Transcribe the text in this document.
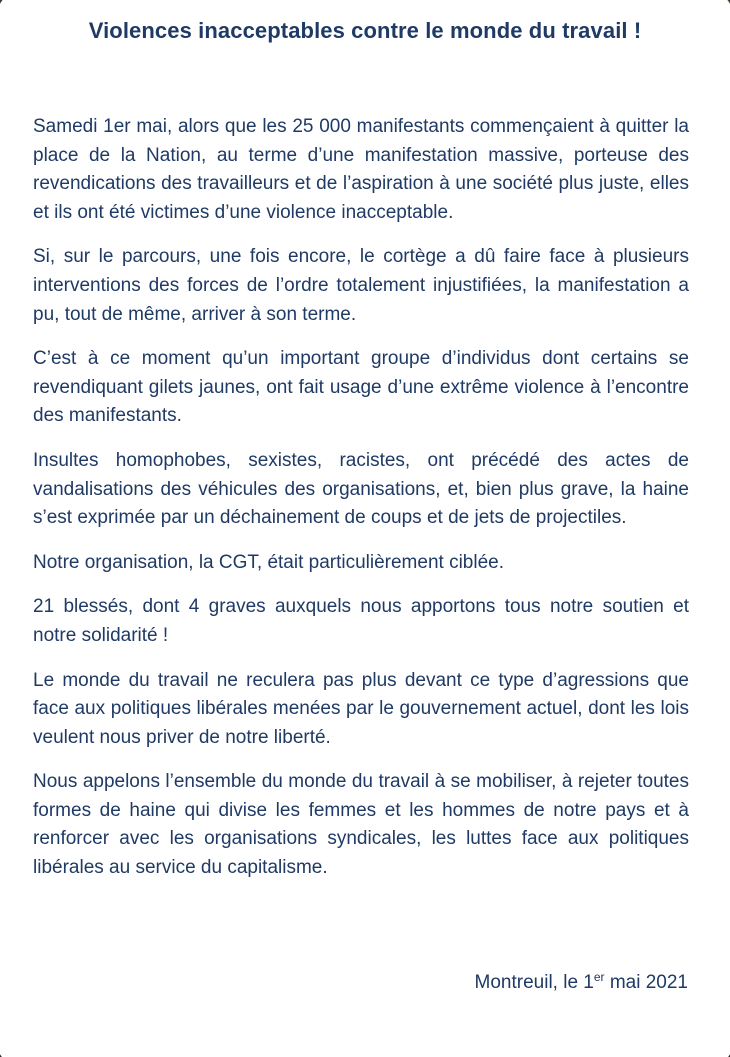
Violences inacceptables contre le monde du travail !

Samedi 1er mai, alors que les 25 000 manifestants commençaient à quitter la place de la Nation, au terme d’une manifestation massive, porteuse des revendications des travailleurs et de l’aspiration à une société plus juste, elles et ils ont été victimes d’une violence inacceptable.

Si, sur le parcours, une fois encore, le cortège a dû faire face à plusieurs interventions des forces de l’ordre totalement injustifiées, la manifestation a pu, tout de même, arriver à son terme.

C’est à ce moment qu’un important groupe d’individus dont certains se revendiquant gilets jaunes, ont fait usage d’une extrême violence à l’encontre des manifestants.

Insultes homophobes, sexistes, racistes, ont précédé des actes de vandalisations des véhicules des organisations, et, bien plus grave, la haine s’est exprimée par un déchainement de coups et de jets de projectiles.

Notre organisation, la CGT, était particulièrement ciblée.

21 blessés, dont 4 graves auxquels nous apportons tous notre soutien et notre solidarité !

Le monde du travail ne reculera pas plus devant ce type d’agressions que face aux politiques libérales menées par le gouvernement actuel, dont les lois veulent nous priver de notre liberté.

Nous appelons l’ensemble du monde du travail à se mobiliser, à rejeter toutes formes de haine qui divise les femmes et les hommes de notre pays et à renforcer avec les organisations syndicales, les luttes face aux politiques libérales au service du capitalisme.

Montreuil, le 1er mai 2021
